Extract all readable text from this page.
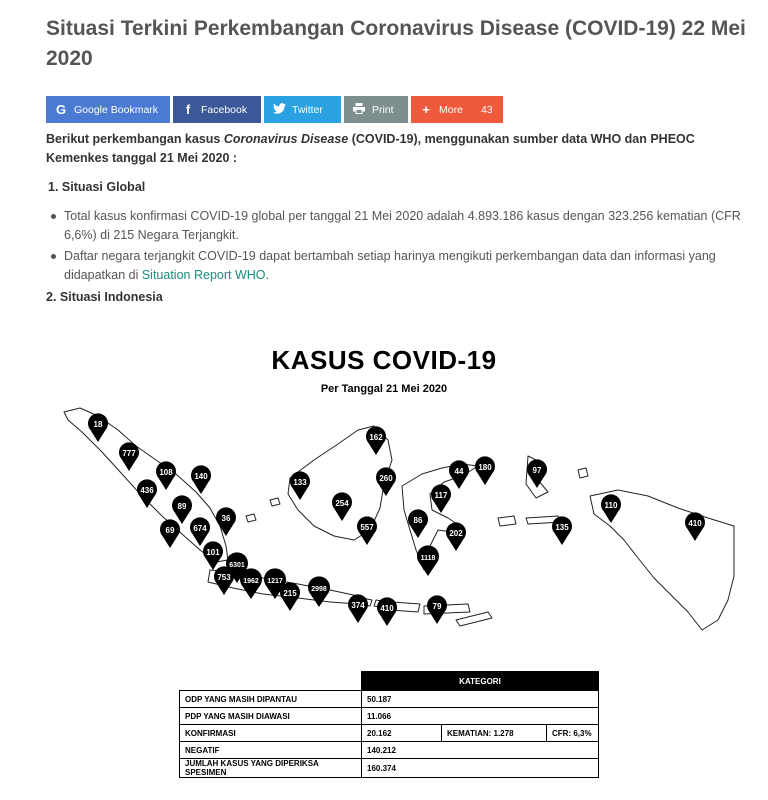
Situasi Terkini Perkembangan Coronavirus Disease (COVID-19) 22 Mei 2020
G Google Bookmark	f	Facebook	Twitter	Print + More 43

Berikut perkembangan kasus Coronavirus Disease (COVID-19), menggunakan sumber data WHO dan PHEOC Kemenkes tanggal 21 Mei 2020 :

1. Situasi Global
Total kasus konfirmasi COVID-19 global per tanggal 21 Mei 2020 adalah 4.893.186 kasus dengan 323.256 kematian (CFR 6,6%) di 215 Negara Terjangkit.
Daftar negara terjangkit COVID-19 dapat bertambah setiap harinya mengikuti perkembangan data dan informasi yang didapatkan di Situation Report WHO.
2. Situasi Indonesia
KASUS COVID-19
Per Tanggal 21 Mei 2020
18
777
108	140
436
89
69 674
36
101
6301
753 1962 1217
215 2998
374 410
133
254
557
162
260
117
86
202
44 180
1118
79
97
135
110
410
	KATEGORI		
ODP YANG MASIH DIPANTAU	50.187		
PDP YANG MASIH DIAWASI	11.066		
KONFIRMASI	20.162	KEMATIAN: 1.278	CFR: 6,3%
NEGATIF	140.212		
JUMLAH KASUS YANG DIPERIKSA SPESIMEN	160.374		
